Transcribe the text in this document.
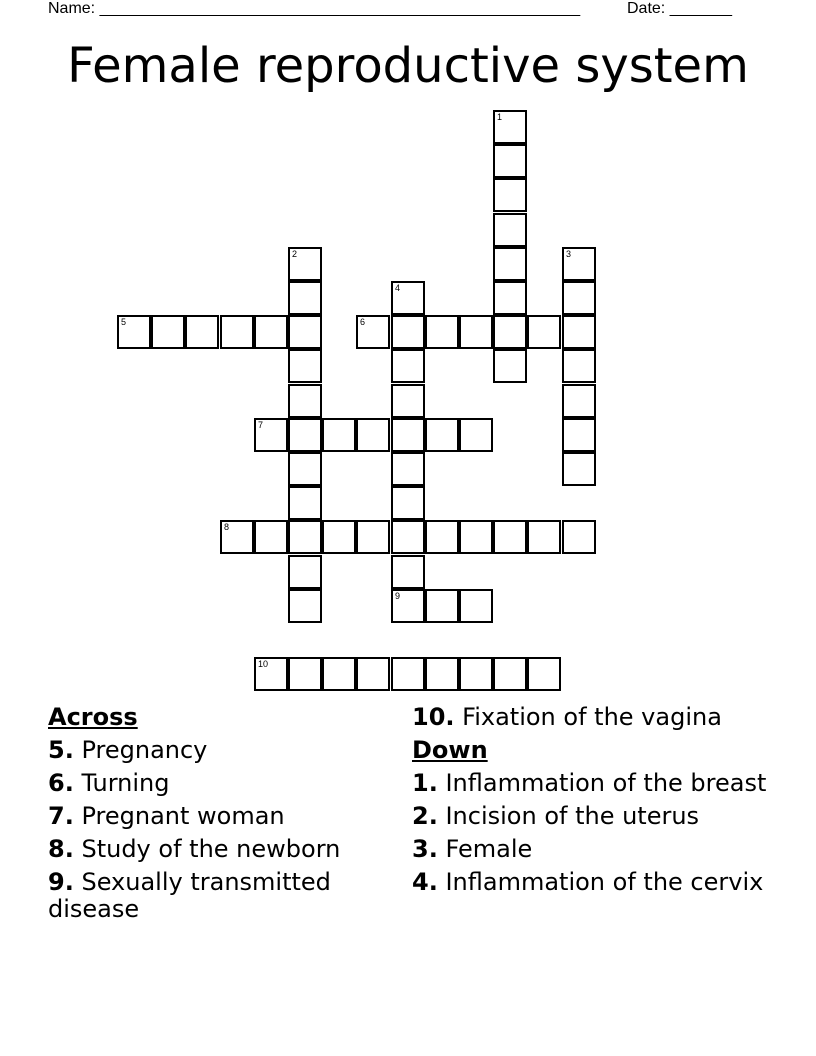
Name: ______________________________________________________	Date: _______
Female reproductive system
1
2	3
4
9
5	6
7
8
10
Across
5. Pregnancy
6. Turning
7. Pregnant woman
8. Study of the newborn
9. Sexually transmitted disease
10. Fixation of the vagina
Down
1. Inflammation of the breast
2. Incision of the uterus
3. Female
4. Inflammation of the cervix
